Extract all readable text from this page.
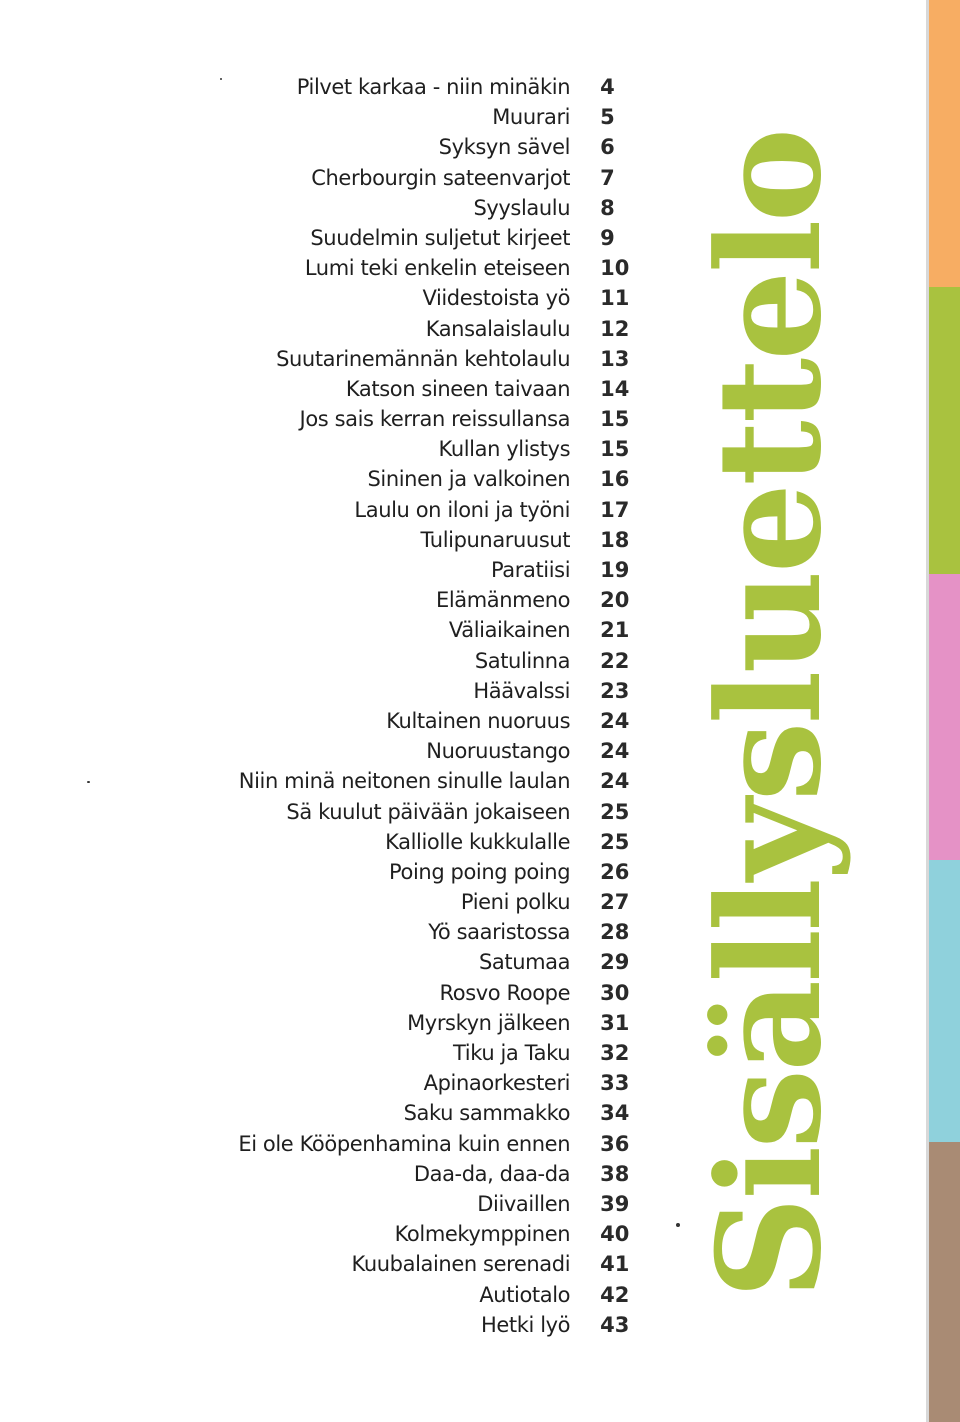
Pilvet karkaa - niin minäkin 4
Muurari 5
Syksyn sävel 6
Cherbourgin sateenvarjot 7
Syyslaulu 8
Suudelmin suljetut kirjeet 9
Lumi teki enkelin eteiseen 10
Viidestoista yö 11
Kansalaislaulu 12
Suutarinemännän kehtolaulu 13
Katson sineen taivaan 14
Jos sais kerran reissullansa 15
Kullan ylistys 15
Sininen ja valkoinen 16
Laulu on iloni ja työni 17
Tulipunaruusut 18
Paratiisi 19
Elämänmeno 20
Väliaikainen 21
Satulinna 22
Häävalssi 23
Kultainen nuoruus 24
Nuoruustango 24
Niin minä neitonen sinulle laulan 24
Sä kuulut päivään jokaiseen 25
Kalliolle kukkulalle 25
Poing poing poing 26
Pieni polku 27
Yö saaristossa 28
Satumaa 29
Rosvo Roope 30
Myrskyn jälkeen 31
Tiku ja Taku 32
Apinaorkesteri 33
Saku sammakko 34
Ei ole Kööpenhamina kuin ennen 36
Daa-da, daa-da 38
Diivaillen 39
Kolmekymppinen 40
Kuubalainen serenadi 41
Autiotalo 42
Hetki lyö 43
Sisällysluettelo
